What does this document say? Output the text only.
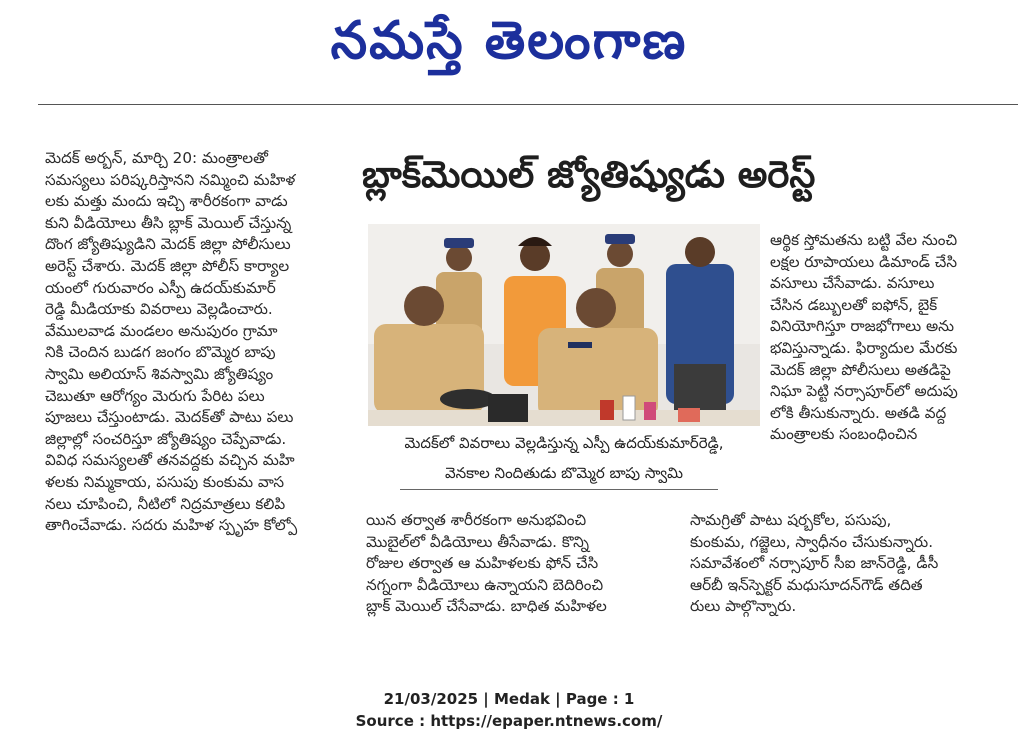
నమస్తే తెలంగాణ

మెదక్ అర్బన్, మార్చి 20: మంత్రాలతో

సమస్యలు పరిష్కరిస్తానని నమ్మించి మహిళ

లకు మత్తు మందు ఇచ్చి శారీరకంగా వాడు

కుని వీడియోలు తీసి బ్లాక్ మెయిల్ చేస్తున్న

దొంగ జ్యోతిష్యుడిని మెదక్ జిల్లా పోలీసులు

అరెస్ట్ చేశారు. మెదక్ జిల్లా పోలీస్ కార్యాల

యంలో గురువారం ఎస్పీ ఉదయ్‌కుమార్

రెడ్డి మీడియాకు వివరాలు వెల్లడించారు.

వేములవాడ మండలం అనుపురం గ్రామా

నికి చెందిన బుడగ జంగం బొమ్మెర బాపు

స్వామి అలియాస్ శివస్వామి జ్యోతిష్యం

చెబుతూ ఆరోగ్యం మెరుగు పేరిట పలు

పూజలు చేస్తుంటాడు. మెదక్‌తో పాటు పలు

జిల్లాల్లో సంచరిస్తూ జ్యోతిష్యం చెప్పేవాడు.

వివిధ సమస్యలతో తనవద్దకు వచ్చిన మహి

ళలకు నిమ్మకాయ, పసుపు కుంకుమ వాస

నలు చూపించి, నీటిలో నిద్రమాత్రలు కలిపి

తాగించేవాడు. సదరు మహిళ స్పృహ కోల్పో

బ్లాక్‌మెయిల్ జ్యోతిష్యుడు అరెస్ట్
మెదక్‌లో వివరాలు వెల్లడిస్తున్న ఎస్పీ ఉదయ్‌కుమార్‌రెడ్డి,
వెనకాల నిందితుడు బొమ్మెర బాపు స్వామి

ఆర్థిక స్తోమతను బట్టి వేల నుంచి

లక్షల రూపాయలు డిమాండ్ చేసి

వసూలు చేసేవాడు. వసూలు

చేసిన డబ్బులతో ఐఫోన్, బైక్

వినియోగిస్తూ రాజభోగాలు అను

భవిస్తున్నాడు. ఫిర్యాదుల మేరకు

మెదక్ జిల్లా పోలీసులు అతడిపై

నిఘా పెట్టి నర్సాపూర్‌లో అదుపు

లోకి తీసుకున్నారు. అతడి వద్ద

మంత్రాలకు సంబంధించిన

యిన తర్వాత శారీరకంగా అనుభవించి

మొబైల్‌లో వీడియోలు తీసేవాడు. కొన్ని

రోజుల తర్వాత ఆ మహిళలకు ఫోన్ చేసి

నగ్నంగా వీడియోలు ఉన్నాయని బెదిరించి

బ్లాక్ మెయిల్ చేసేవాడు. బాధిత మహిళల

సామగ్రితో పాటు షర్బకోల, పసుపు,

కుంకుమ, గజ్జెలు, స్వాధీనం చేసుకున్నారు.

సమావేశంలో నర్సాపూర్ సీఐ జాన్‌రెడ్డి, డీసీ

ఆర్‌బీ ఇన్‌స్పెక్టర్ మధుసూదన్‌గౌడ్ తదిత

రులు పాల్గొన్నారు.

21/03/2025 | Medak | Page : 1
Source : https://epaper.ntnews.com/
